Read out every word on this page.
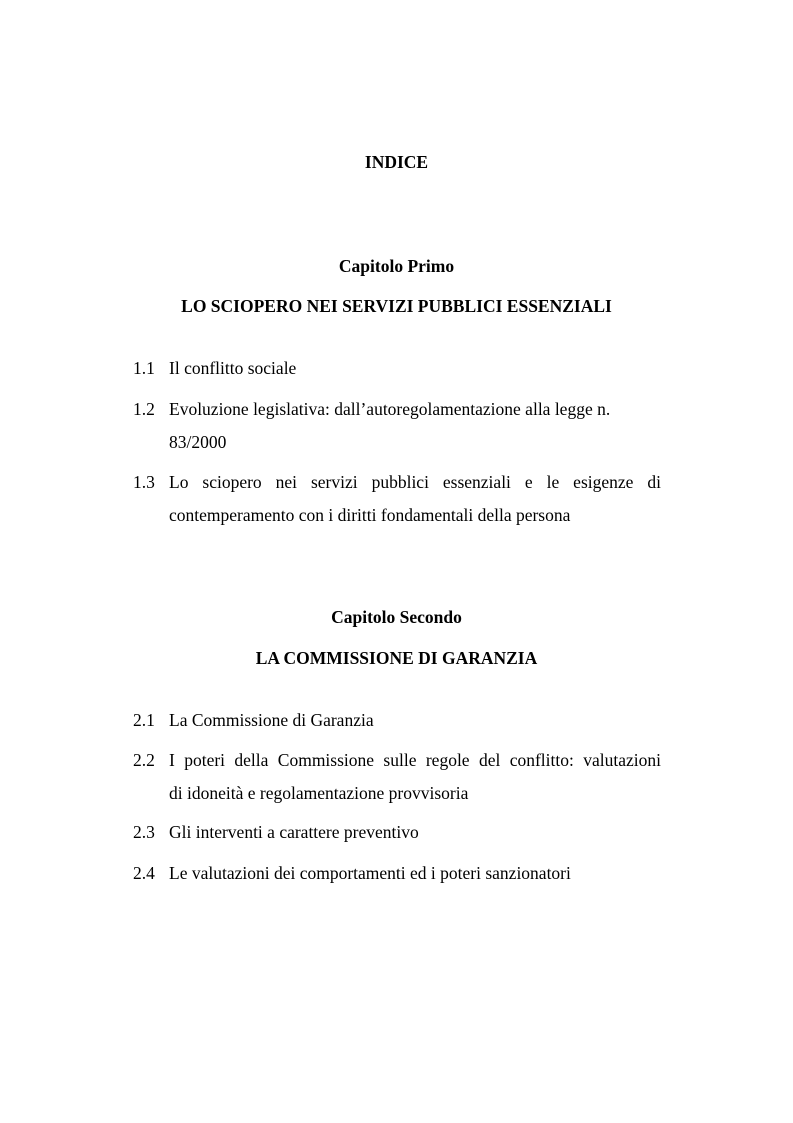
INDICE
Capitolo Primo
LO SCIOPERO NEI SERVIZI PUBBLICI ESSENZIALI
1.1 Il conflitto sociale
1.2 Evoluzione legislativa: dall’autoregolamentazione alla legge n.
83/2000
1.3 Lo sciopero nei servizi pubblici essenziali e le esigenze di
contemperamento con i diritti fondamentali della persona
Capitolo Secondo
LA COMMISSIONE DI GARANZIA
2.1 La Commissione di Garanzia
2.2 I poteri della Commissione sulle regole del conflitto: valutazioni
di idoneità e regolamentazione provvisoria
2.3 Gli interventi a carattere preventivo
2.4 Le valutazioni dei comportamenti ed i poteri sanzionatori
